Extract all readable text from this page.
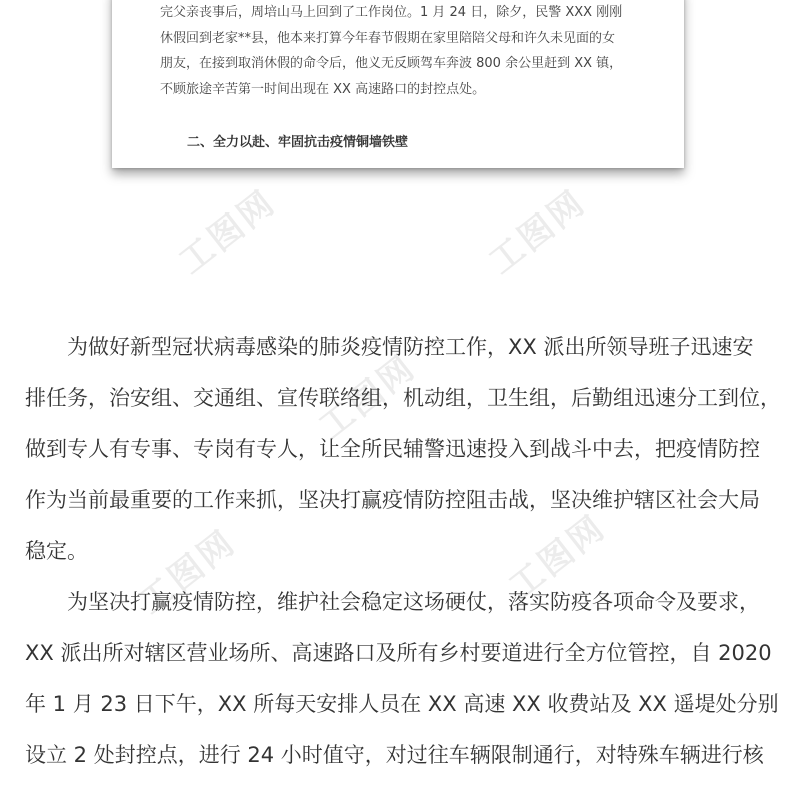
工图网	工图网
工图网
工图网	工图网

完父亲丧事后，周培山马上回到了工作岗位。1 月 24 日，除夕，民警 XXX 刚刚

休假回到老家**县，他本来打算今年春节假期在家里陪陪父母和许久未见面的女

朋友，在接到取消休假的命令后，他义无反顾驾车奔波 800 余公里赶到 XX 镇，

不顾旅途辛苦第一时间出现在 XX 高速路口的封控点处。

二、全力以赴、牢固抗击疫情铜墙铁壁

为做好新型冠状病毒感染的肺炎疫情防控工作，XX 派出所领导班子迅速安
排任务，治安组、交通组、宣传联络组，机动组，卫生组，后勤组迅速分工到位，
做到专人有专事、专岗有专人，让全所民辅警迅速投入到战斗中去，把疫情防控
作为当前最重要的工作来抓，坚决打赢疫情防控阻击战，坚决维护辖区社会大局
稳定。

为坚决打赢疫情防控，维护社会稳定这场硬仗，落实防疫各项命令及要求，
XX 派出所对辖区营业场所、高速路口及所有乡村要道进行全方位管控，自 2020
年 1 月 23 日下午，XX 所每天安排人员在 XX 高速 XX 收费站及 XX 遥堤处分别
设立 2 处封控点，进行 24 小时值守，对过往车辆限制通行，对特殊车辆进行核
